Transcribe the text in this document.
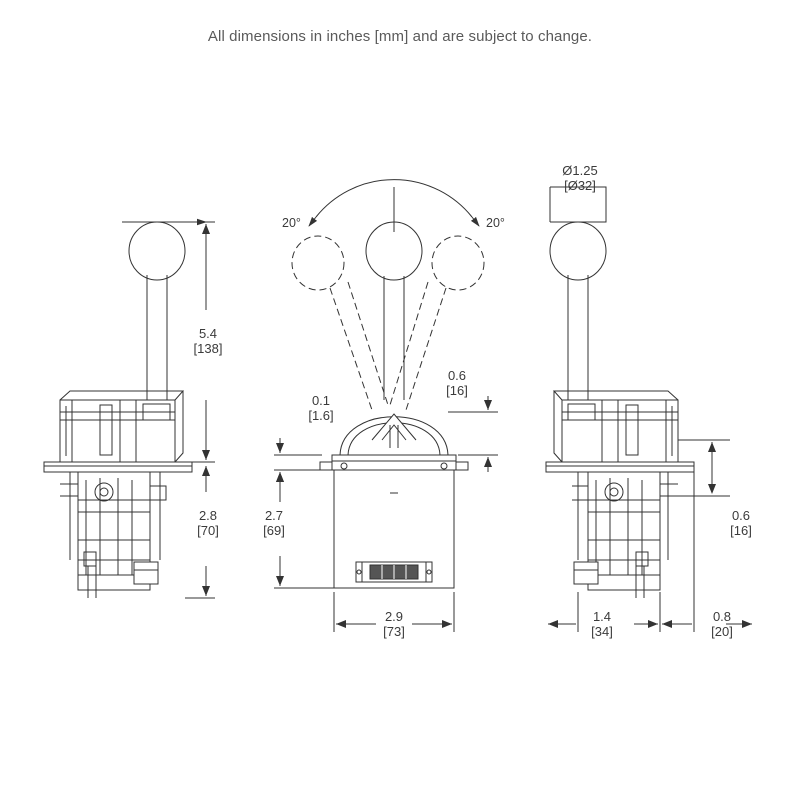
All dimensions in inches [mm] and are subject to change.
5.4
[138]
2.8
[70]
0.1
[1.6]
0.6
[16]
2.7
[69]
2.9
[73]
Ø1.25
[Ø32]
0.6
[16]
1.4
[34]
0.8
[20]
20°	20°
